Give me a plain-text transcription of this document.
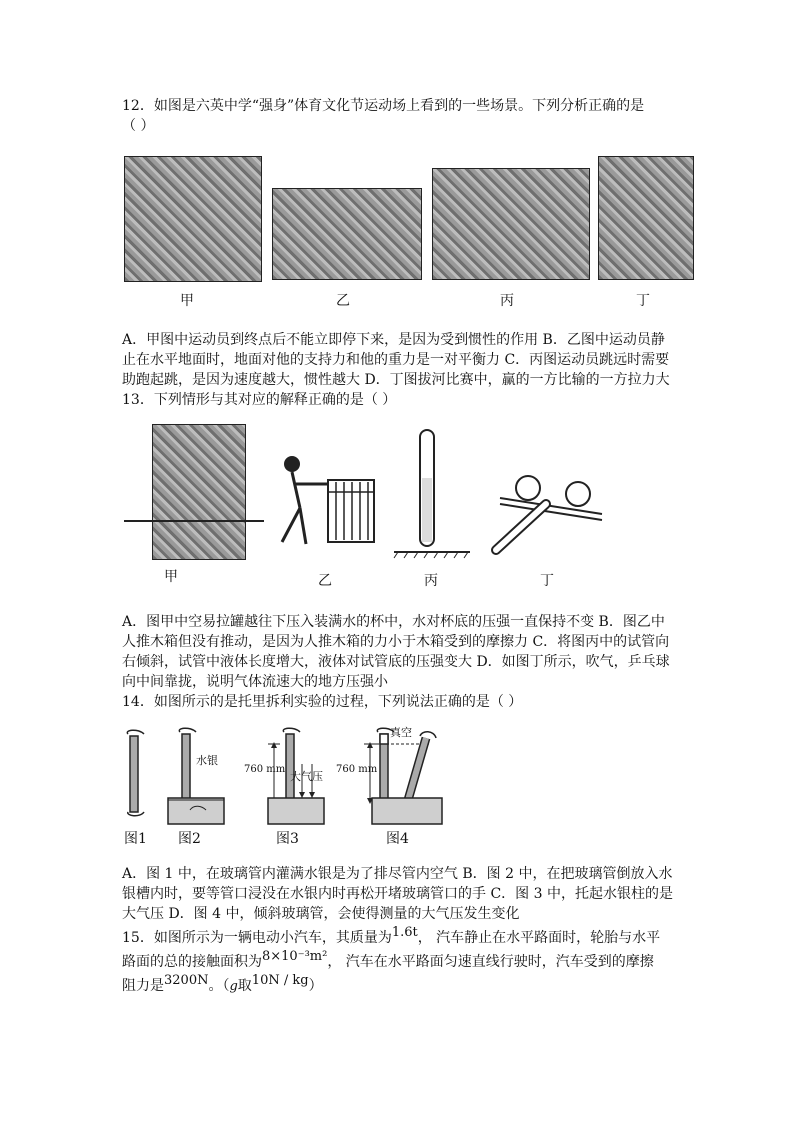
12．如图是六英中学“强身”体育文化节运动场上看到的一些场景。下列分析正确的是
（ ）
甲	乙	丙	丁
A．甲图中运动员到终点后不能立即停下来，是因为受到惯性的作用 B．乙图中运动员静
止在水平地面时，地面对他的支持力和他的重力是一对平衡力 C．丙图运动员跳远时需要
助跑起跳，是因为速度越大，惯性越大 D．丁图拔河比赛中，赢的一方比输的一方拉力大
13．下列情形与其对应的解释正确的是（ ）
甲	乙	丙	丁
A．图甲中空易拉罐越往下压入装满水的杯中，水对杯底的压强一直保持不变 B．图乙中
人推木箱但没有推动，是因为人推木箱的力小于木箱受到的摩擦力 C．将图丙中的试管向
右倾斜，试管中液体长度增大，液体对试管底的压强变大 D．如图丁所示，吹气，乒乓球
向中间靠拢，说明气体流速大的地方压强小
14．如图所示的是托里拆利实验的过程，下列说法正确的是（ ）
水银
760 mm
大气压
760 mm
真空
图1 图2	图3	图4
A．图 1 中，在玻璃管内灌满水银是为了排尽管内空气 B．图 2 中，在把玻璃管倒放入水
银槽内时，要等管口浸没在水银内时再松开堵玻璃管口的手 C．图 3 中，托起水银柱的是
大气压 D．图 4 中，倾斜玻璃管，会使得测量的大气压发生变化
15．如图所示为一辆电动小汽车，其质量为1.6t， 汽车静止在水平路面时，轮胎与水平
路面的总的接触面积为8×10⁻³m²， 汽车在水平路面匀速直线行驶时，汽车受到的摩擦
阻力是3200N。（g取10N / kg）
